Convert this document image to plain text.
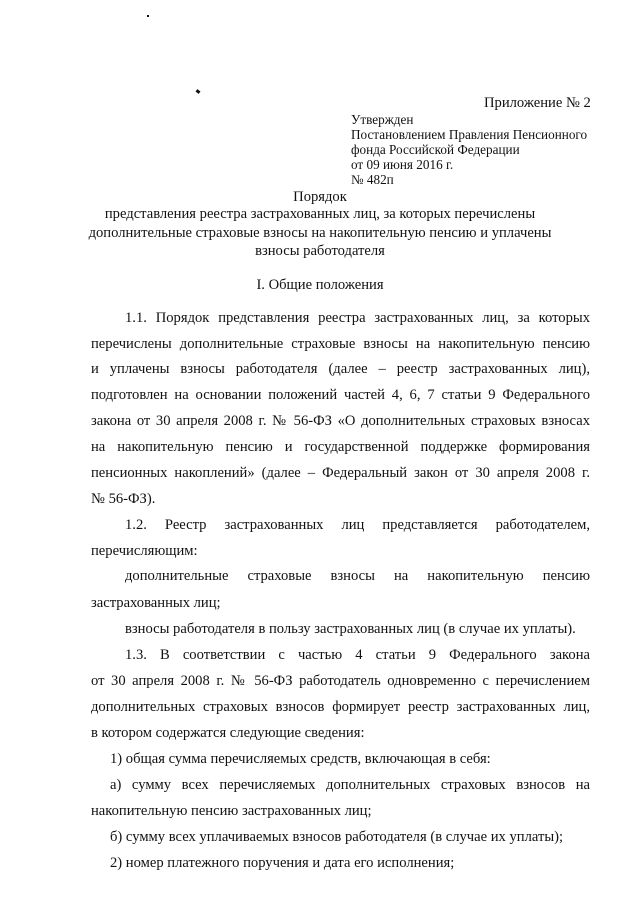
Приложение № 2
Утвержден
Постановлением Правления Пенсионного
фонда Российской Федерации
от 09 июня 2016 г.
№ 482п
Порядок
представления реестра застрахованных лиц, за которых перечислены
дополнительные страховые взносы на накопительную пенсию и уплачены
взносы работодателя
I. Общие положения
1.1. Порядок представления реестра застрахованных лиц, за которых
перечислены дополнительные страховые взносы на накопительную пенсию
и уплачены взносы работодателя (далее – реестр застрахованных лиц),
подготовлен на основании положений частей 4, 6, 7 статьи 9 Федерального
закона от 30 апреля 2008 г. № 56-ФЗ «О дополнительных страховых взносах
на накопительную пенсию и государственной поддержке формирования
пенсионных накоплений» (далее – Федеральный закон от 30 апреля 2008 г.
№ 56-ФЗ).
1.2. Реестр застрахованных лиц представляется работодателем,
перечисляющим:
дополнительные страховые взносы на накопительную пенсию
застрахованных лиц;
взносы работодателя в пользу застрахованных лиц (в случае их уплаты).
1.3. В соответствии с частью 4 статьи 9 Федерального закона
от 30 апреля 2008 г. № 56-ФЗ работодатель одновременно с перечислением
дополнительных страховых взносов формирует реестр застрахованных лиц,
в котором содержатся следующие сведения:
1) общая сумма перечисляемых средств, включающая в себя:
а) сумму всех перечисляемых дополнительных страховых взносов на
накопительную пенсию застрахованных лиц;
б) сумму всех уплачиваемых взносов работодателя (в случае их уплаты);
2) номер платежного поручения и дата его исполнения;
